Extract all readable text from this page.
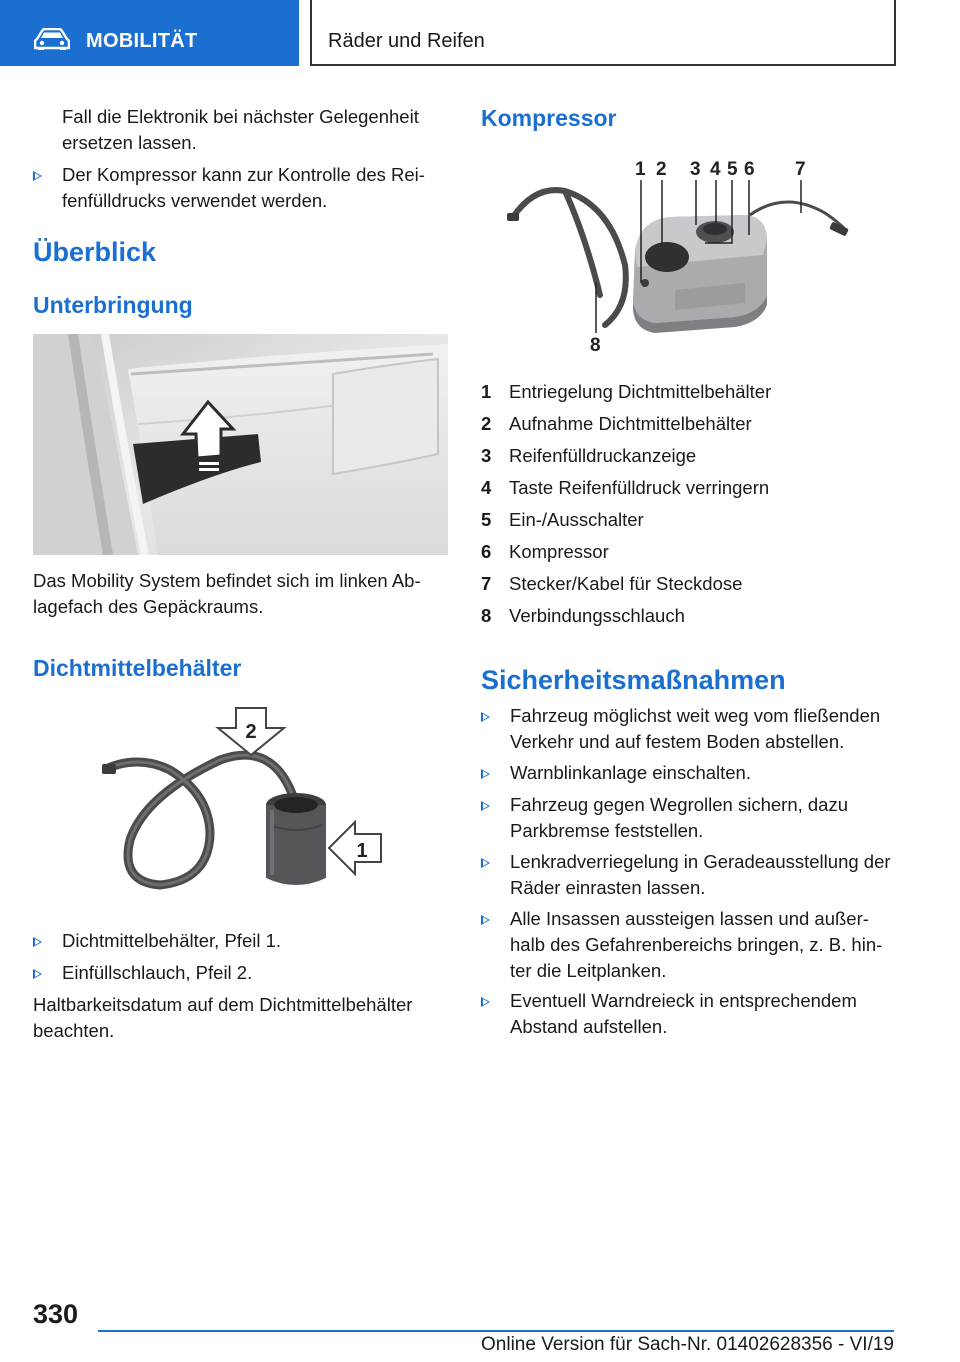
MOBILITÄT	Räder und Reifen
Fall die Elektronik bei nächster Gelegenheit ersetzen lassen.
Der Kompressor kann zur Kontrolle des Reifenfülldrucks verwendet werden.
Überblick
Unterbringung
Das Mobility System befindet sich im linken Ablagefach des Gepäckraums.
Dichtmittelbehälter
2
1
Dichtmittelbehälter, Pfeil 1.
Einfüllschlauch, Pfeil 2.
Haltbarkeitsdatum auf dem Dichtmittelbehälter beachten.
Kompressor
1 2 3 4 5 6 7
8
1 Entriegelung Dichtmittelbehälter
2 Aufnahme Dichtmittelbehälter
3 Reifenfülldruckanzeige
4 Taste Reifenfülldruck verringern
5 Ein-/Ausschalter
6 Kompressor
7 Stecker/Kabel für Steckdose
8 Verbindungsschlauch
Sicherheitsmaßnahmen
Fahrzeug möglichst weit weg vom fließenden Verkehr und auf festem Boden abstellen.
Warnblinkanlage einschalten.
Fahrzeug gegen Wegrollen sichern, dazu Parkbremse feststellen.
Lenkradverriegelung in Geradeausstellung der Räder einrasten lassen.
Alle Insassen aussteigen lassen und außerhalb des Gefahrenbereichs bringen, z. B. hinter die Leitplanken.
Eventuell Warndreieck in entsprechendem Abstand aufstellen.
330
Online Version für Sach-Nr. 01402628356 - VI/19
